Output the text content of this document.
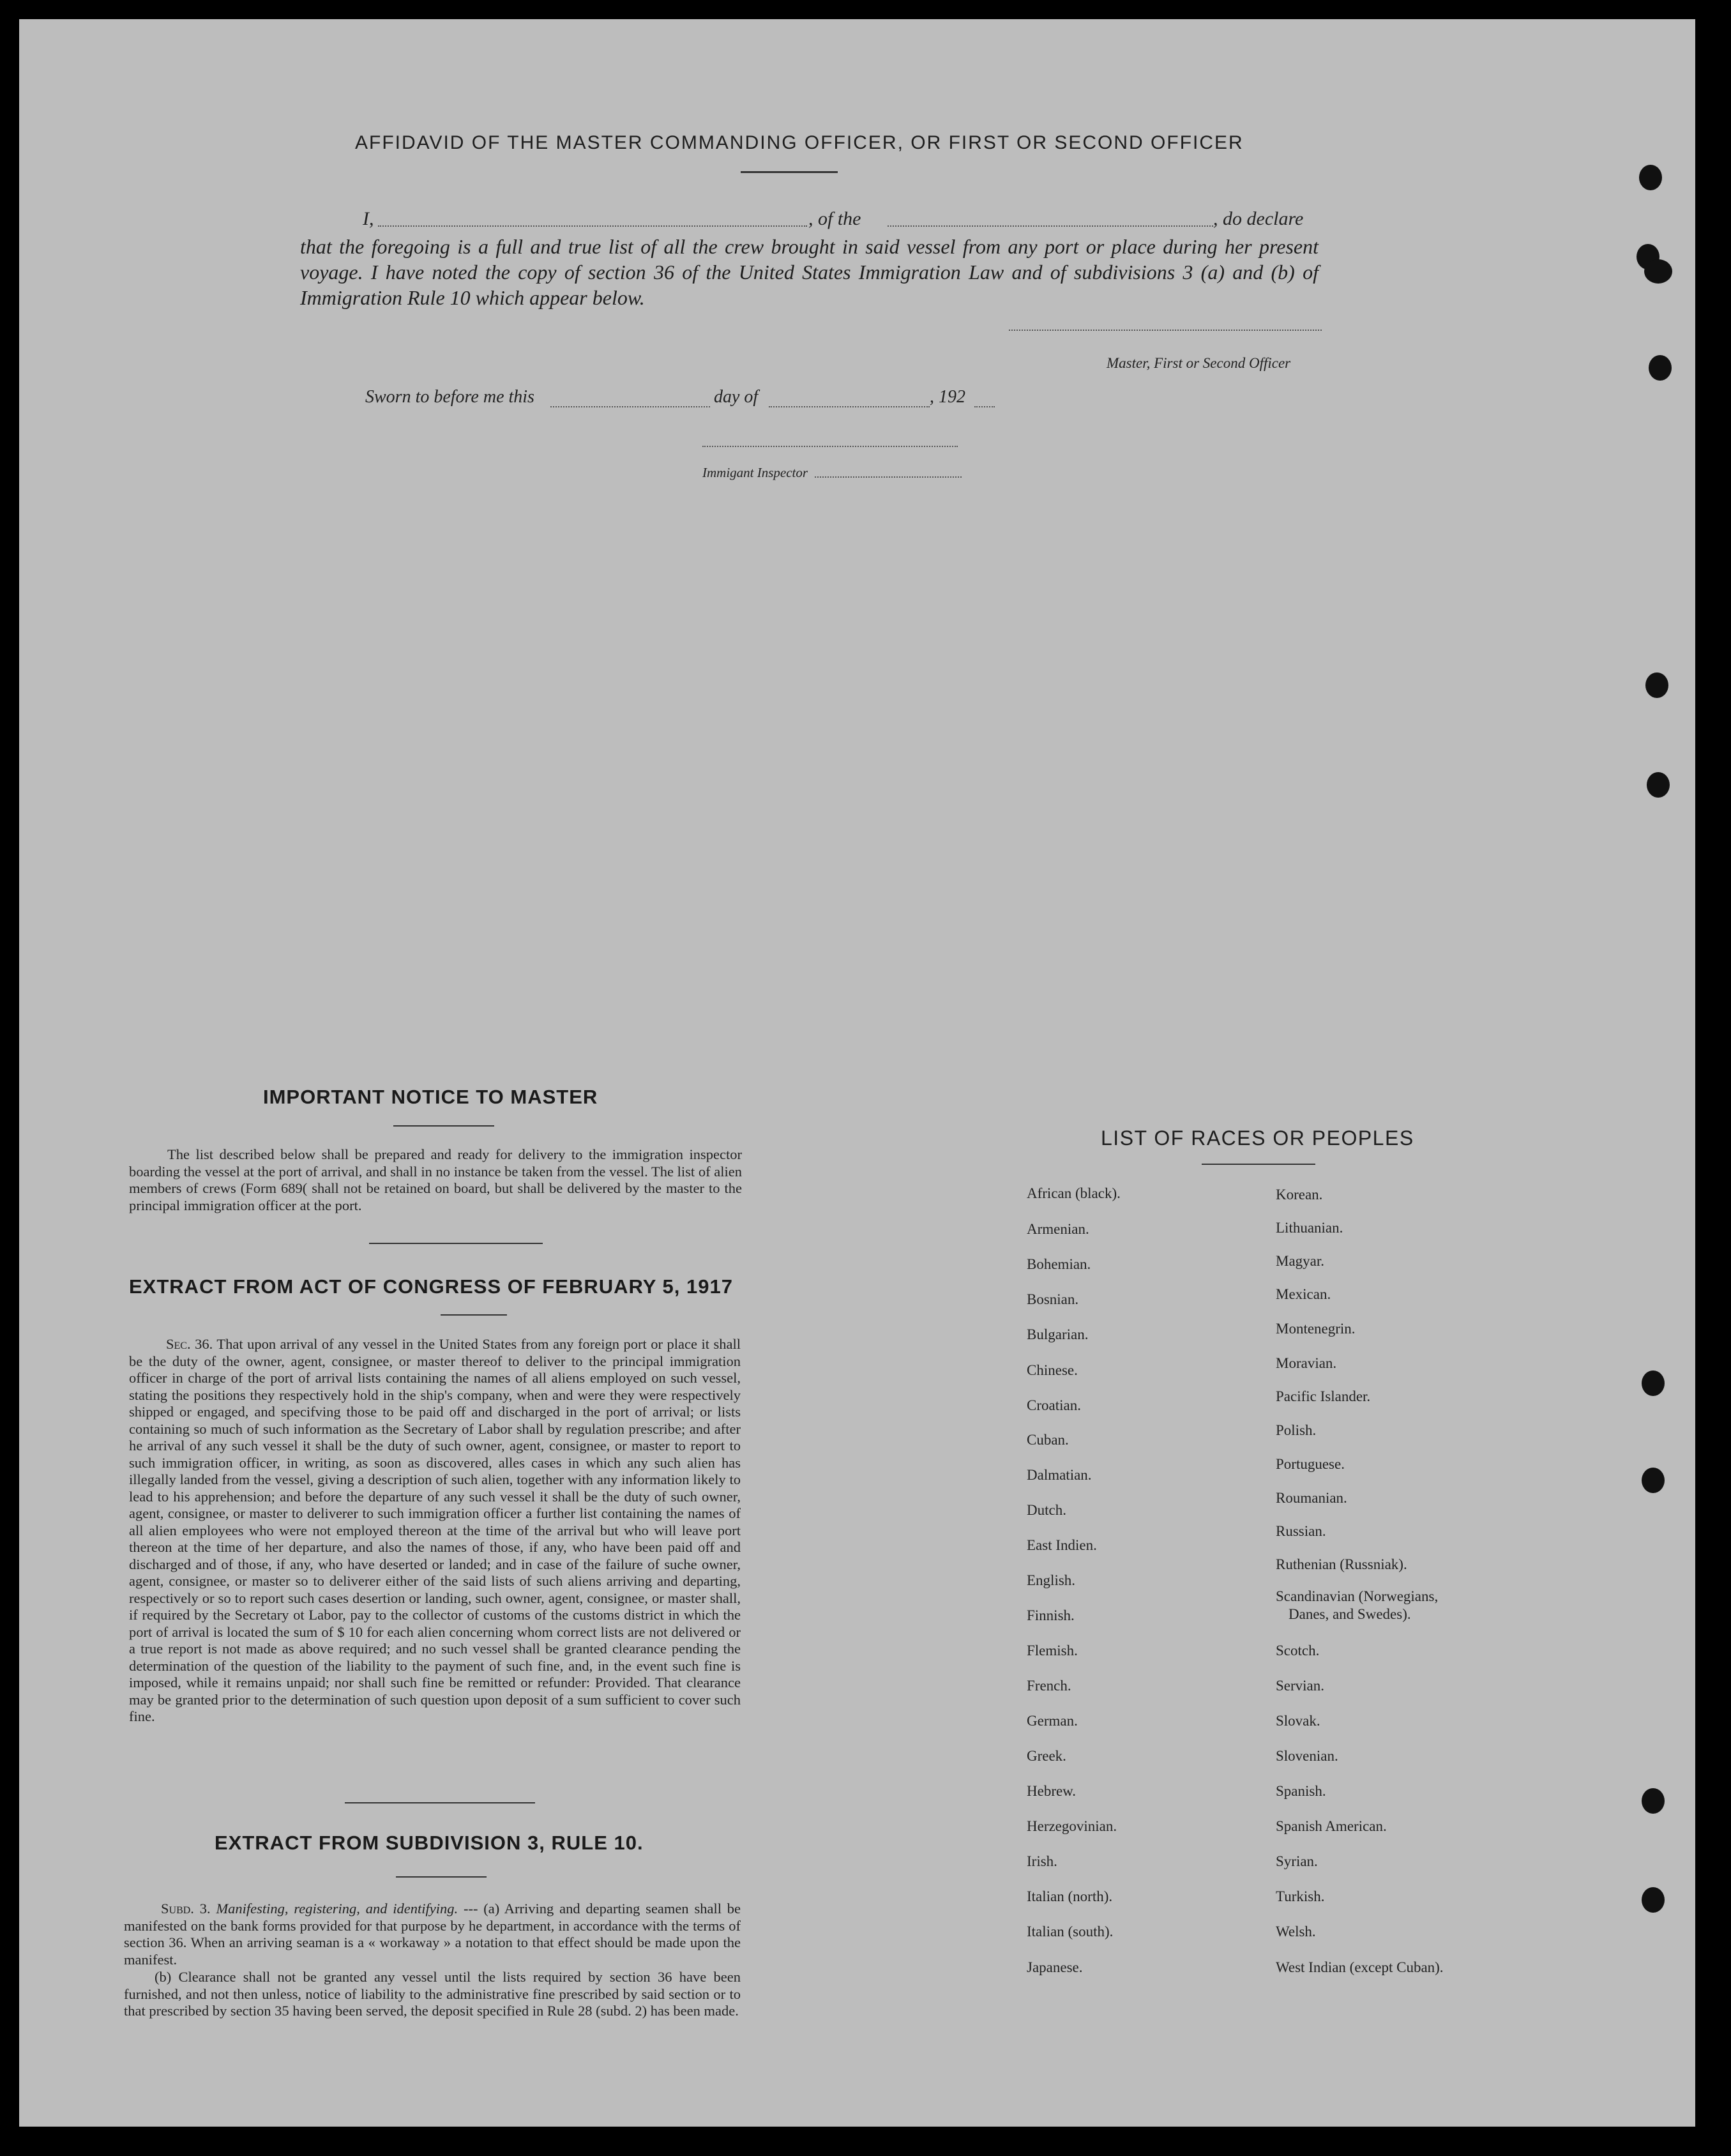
AFFIDAVID OF THE MASTER COMMANDING OFFICER, OR FIRST OR SECOND OFFICER
I,	, of the	, do declare
that the foregoing is a full and true list of all the crew brought in said vessel from any port or place during her present voyage. I have noted the copy of section 36 of the United States Immigration Law and of subdivisions 3 (a) and (b) of Immigration Rule 10 which appear below.
Master, First or Second Officer
Sworn to before me this	day of	, 192
Immigant Inspector
IMPORTANT NOTICE TO MASTER
The list described below shall be prepared and ready for delivery to the immigration inspector boarding the vessel at the port of arrival, and shall in no instance be taken from the vessel. The list of alien members of crews (Form 689( shall not be retained on board, but shall be delivered by the master to the principal immigration officer at the port.
EXTRACT FROM ACT OF CONGRESS OF FEBRUARY 5, 1917
Sec. 36. That upon arrival of any vessel in the United States from any foreign port or place it shall be the duty of the owner, agent, consignee, or master thereof to deliver to the principal immigration officer in charge of the port of arrival lists containing the names of all aliens employed on such vessel, stating the positions they respectively hold in the ship's company, when and were they were respectively shipped or engaged, and specifving those to be paid off and discharged in the port of arrival; or lists containing so much of such information as the Secretary of Labor shall by regulation prescribe; and after he arrival of any such vessel it shall be the duty of such owner, agent, consignee, or master to report to such immigration officer, in writing, as soon as discovered, alles cases in which any such alien has illegally landed from the vessel, giving a description of such alien, together with any information likely to lead to his apprehension; and before the departure of any such vessel it shall be the duty of such owner, agent, consignee, or master to deliverer to such immigration officer a further list containing the names of all alien employees who were not employed thereon at the time of the arrival but who will leave port thereon at the time of her departure, and also the names of those, if any, who have been paid off and discharged and of those, if any, who have deserted or landed; and in case of the failure of suche owner, agent, consignee, or master so to deliverer either of the said lists of such aliens arriving and departing, respectively or so to report such cases desertion or landing, such owner, agent, consignee, or master shall, if required by the Secretary ot Labor, pay to the collector of customs of the customs district in which the port of arrival is located the sum of $ 10 for each alien concerning whom correct lists are not delivered or a true report is not made as above required; and no such vessel shall be granted clearance pending the determination of the question of the liability to the payment of such fine, and, in the event such fine is imposed, while it remains unpaid; nor shall such fine be remitted or refunder: Provided. That clearance may be granted prior to the determination of such question upon deposit of a sum sufficient to cover such fine.
EXTRACT FROM SUBDIVISION 3, RULE 10.
Subd. 3. Manifesting, registering, and identifying. --- (a) Arriving and departing seamen shall be manifested on the bank forms provided for that purpose by he department, in accordance with the terms of section 36. When an arriving seaman is a « workaway » a notation to that effect should be made upon the manifest.
(b) Clearance shall not be granted any vessel until the lists required by section 36 have been furnished, and not then unless, notice of liability to the administrative fine prescribed by said section or to that prescribed by section 35 having been served, the deposit specified in Rule 28 (subd. 2) has been made.
LIST OF RACES OR PEOPLES
African (black).
Armenian.
Bohemian.
Bosnian.
Bulgarian.
Chinese.
Croatian.
Cuban.
Dalmatian.
Dutch.
East Indien.
English.
Finnish.
Flemish.
French.
German.
Greek.
Hebrew.
Herzegovinian.
Irish.
Italian (north).
Italian (south).
Japanese.
Korean.
Lithuanian.
Magyar.
Mexican.
Montenegrin.
Moravian.
Pacific Islander.
Polish.
Portuguese.
Roumanian.
Russian.
Ruthenian (Russniak).
Scandinavian (Norwegians,
Danes, and Swedes).
Scotch.
Servian.
Slovak.
Slovenian.
Spanish.
Spanish American.
Syrian.
Turkish.
Welsh.
West Indian (except Cuban).
